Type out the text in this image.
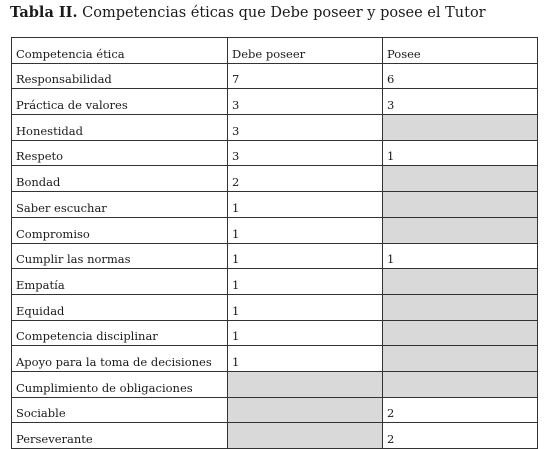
Tabla II. Competencias éticas que Debe poseer y posee el Tutor
Competencia ética	Debe poseer	Posee
Responsabilidad	7	6
Práctica de valores	3	3
Honestidad	3	
Respeto	3	1
Bondad	2	
Saber escuchar	1	
Compromiso	1	
Cumplir las normas	1	1
Empatía	1	
Equidad	1	
Competencia disciplinar	1	
Apoyo para la toma de decisiones	1	
Cumplimiento de obligaciones		
Sociable		2
Perseverante		2
